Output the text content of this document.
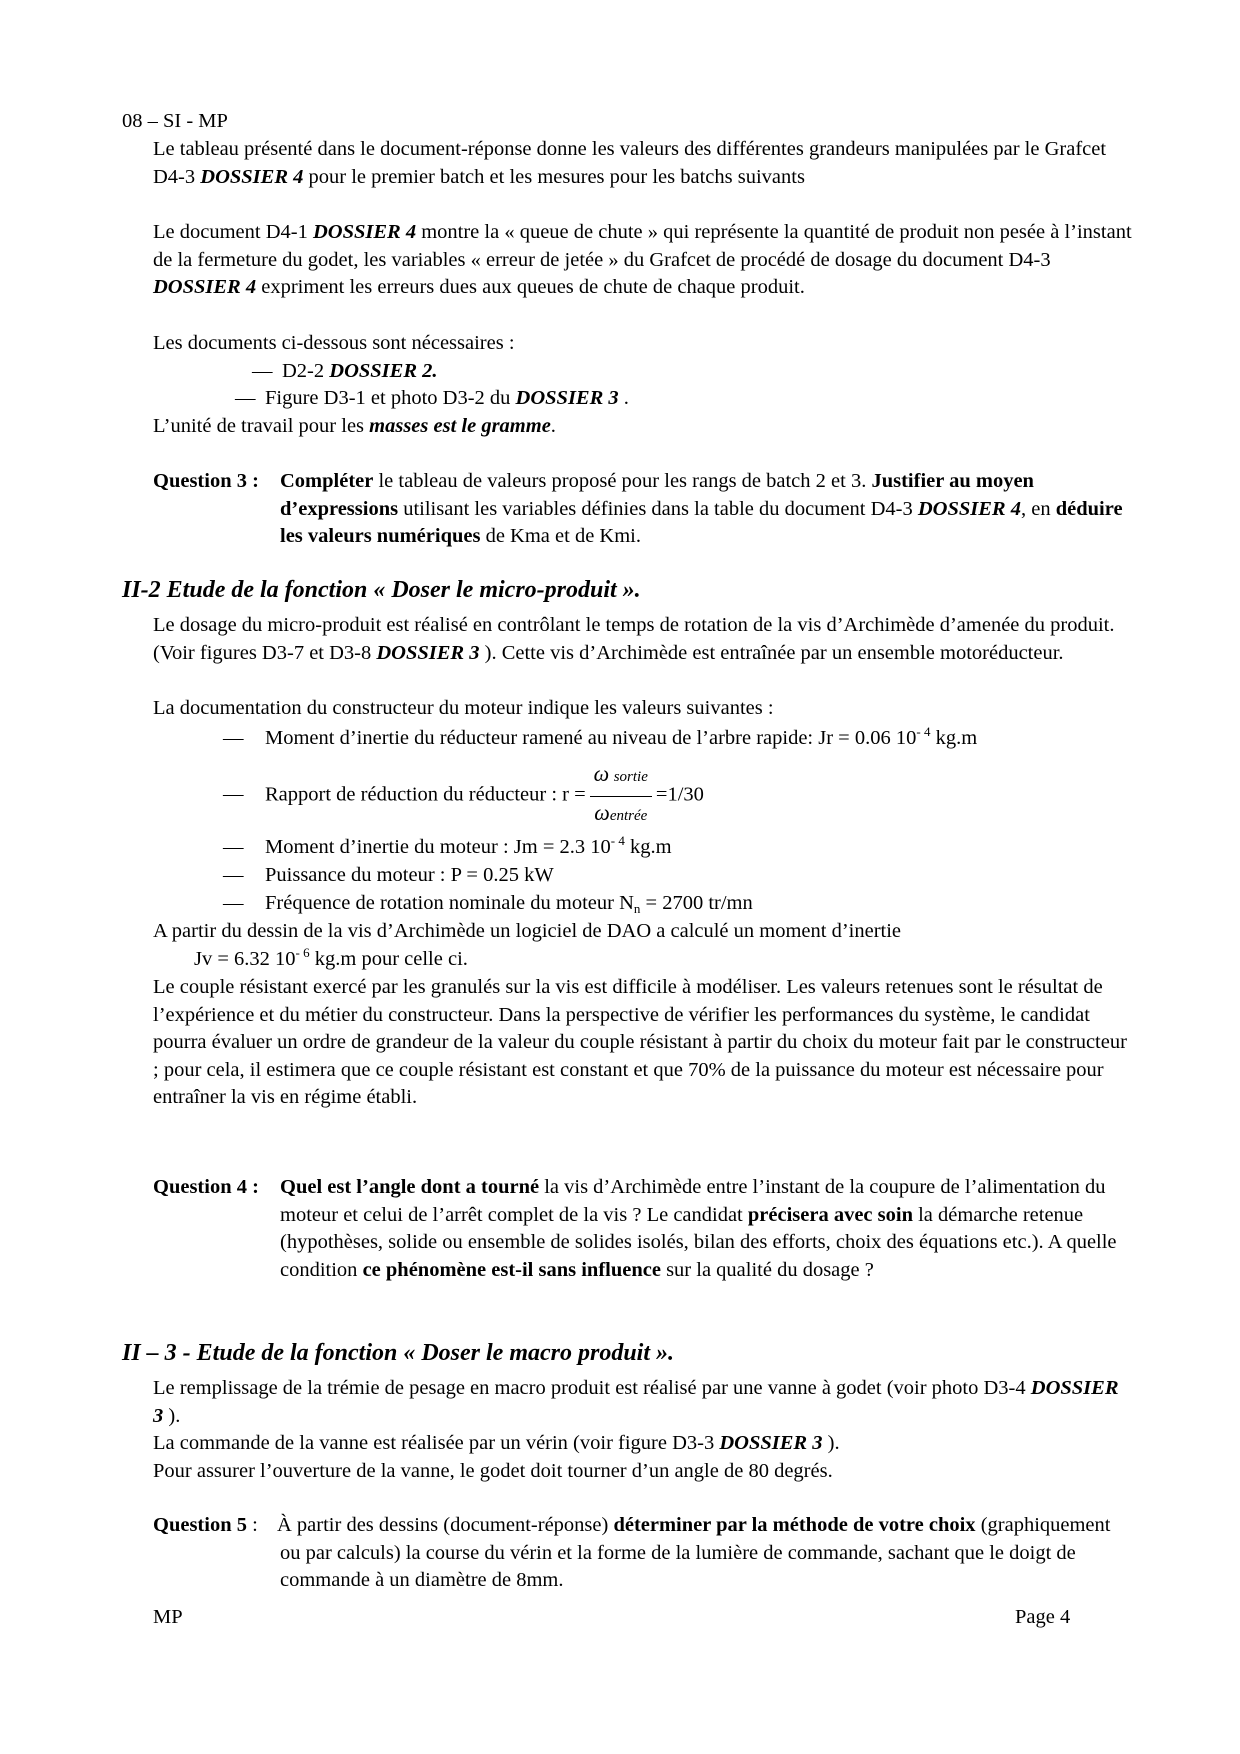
08 – SI - MP
Le tableau présenté dans le document-réponse donne les valeurs des différentes grandeurs manipulées par le Grafcet D4-3 DOSSIER 4 pour le premier batch et les mesures pour les batchs suivants
Le document D4-1 DOSSIER 4 montre la « queue de chute » qui représente la quantité de produit non pesée à l’instant de la fermeture du godet, les variables « erreur de jetée » du Grafcet de procédé de dosage du document D4-3 DOSSIER 4 expriment les erreurs dues aux queues de chute de chaque produit.
Les documents ci-dessous sont nécessaires :
— D2-2 DOSSIER 2.
— Figure D3-1 et photo D3-2 du DOSSIER 3 .
L’unité de travail pour les masses est le gramme.
Question 3 : Compléter le tableau de valeurs proposé pour les rangs de batch 2 et 3. Justifier au moyen d’expressions utilisant les variables définies dans la table du document D4-3 DOSSIER 4, en déduire les valeurs numériques de Kma et de Kmi.
II-2 Etude de la fonction « Doser le micro-produit ».
Le dosage du micro-produit est réalisé en contrôlant le temps de rotation de la vis d’Archimède d’amenée du produit. (Voir figures D3-7 et D3-8 DOSSIER 3 ). Cette vis d’Archimède est entraînée par un ensemble motoréducteur.
La documentation du constructeur du moteur indique les valeurs suivantes :
— Moment d’inertie du réducteur ramené au niveau de l’arbre rapide: Jr = 0.06 $10^{- 4}$ kg.m
— Rapport de réduction du réducteur : $r = \frac{\text{ω sortie}}{\text{ωentrée}} =1/30$
— Moment d’inertie du moteur : Jm = 2.3 $10^{- 4}$ kg.m
— Puissance du moteur : P = 0.25 kW
— Fréquence de rotation nominale du moteur $N_n = 2700$ tr/mn
A partir du dessin de la vis d’Archimède un logiciel de DAO a calculé un moment d’inertie
Jv = 6.32 $10^{- 6}$ kg.m pour celle ci.
Le couple résistant exercé par les granulés sur la vis est difficile à modéliser. Les valeurs retenues sont le résultat de l’expérience et du métier du constructeur. Dans la perspective de vérifier les performances du système, le candidat pourra évaluer un ordre de grandeur de la valeur du couple résistant à partir du choix du moteur fait par le constructeur ; pour cela, il estimera que ce couple résistant est constant et que 70% de la puissance du moteur est nécessaire pour entraîner la vis en régime établi.
Question 4 : Quel est l’angle dont a tourné la vis d’Archimède entre l’instant de la coupure de l’alimentation du moteur et celui de l’arrêt complet de la vis ? Le candidat précisera avec soin la démarche retenue (hypothèses, solide ou ensemble de solides isolés, bilan des efforts, choix des équations etc.). A quelle condition ce phénomène est-il sans influence sur la qualité du dosage ?
II – 3 - Etude de la fonction « Doser le macro produit ».
Le remplissage de la trémie de pesage en macro produit est réalisé par une vanne à godet (voir photo D3-4 DOSSIER 3 ).
La commande de la vanne est réalisée par un vérin (voir figure D3-3 DOSSIER 3 ).
Pour assurer l’ouverture de la vanne, le godet doit tourner d’un angle de 80 degrés.
Question 5 : À partir des dessins (document-réponse) déterminer par la méthode de votre choix (graphiquement ou par calculs) la course du vérin et la forme de la lumière de commande, sachant que le doigt de commande à un diamètre de 8mm.
MP	Page 4
